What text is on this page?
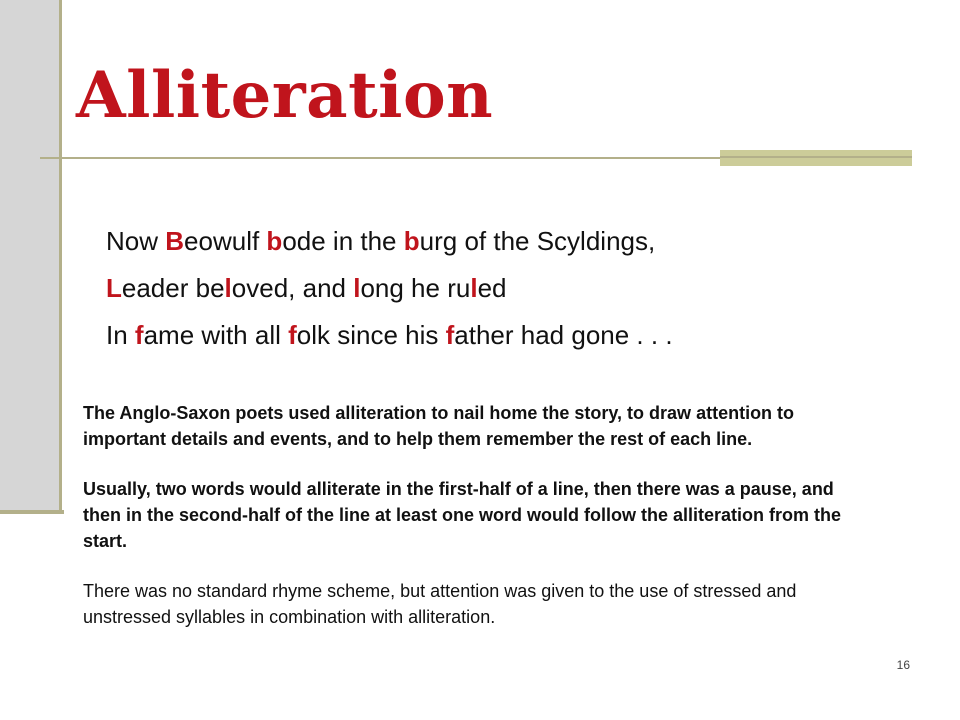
Alliteration
Now Beowulf bode in the burg of the Scyldings,
Leader beloved, and long he ruled
In fame with all folk since his father had gone . . .

The Anglo-Saxon poets used alliteration to nail home the story, to draw attention to important details and events, and to help them remember the rest of each line.

Usually, two words would alliterate in the first-half of a line, then there was a pause, and then in the second-half of the line at least one word would follow the alliteration from the start.

There was no standard rhyme scheme, but attention was given to the use of stressed and unstressed syllables in combination with alliteration.

16
